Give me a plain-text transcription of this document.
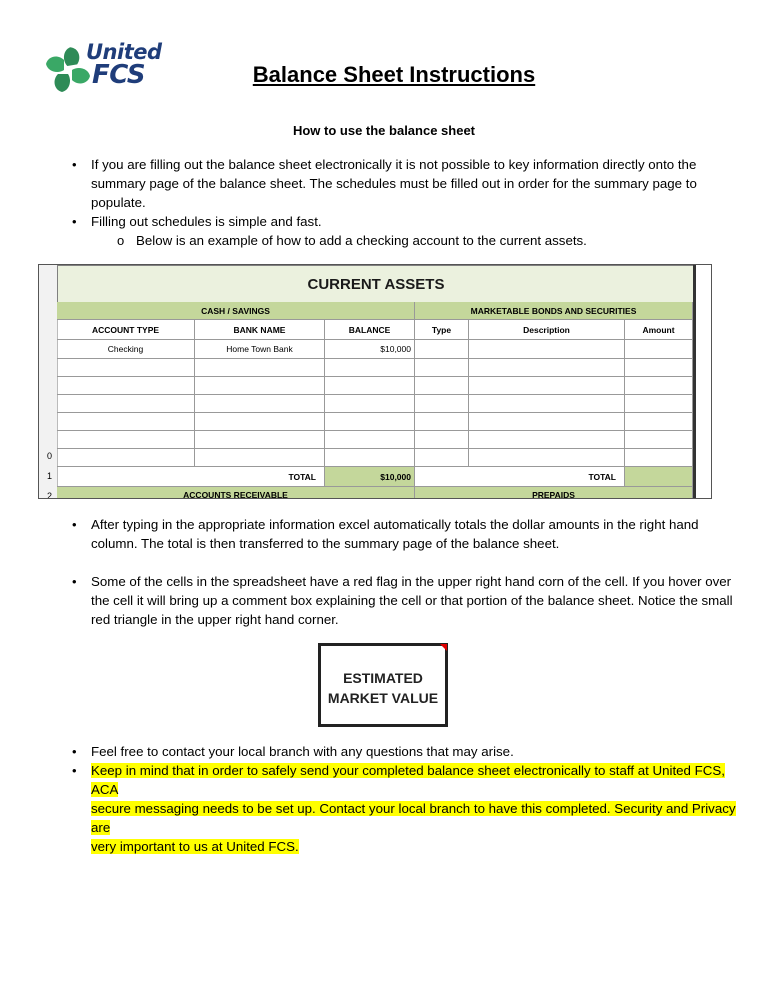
United
FCS	Balance Sheet Instructions
How to use the balance sheet
• If you are filling out the balance sheet electronically it is not possible to key information directly onto the
summary page of the balance sheet. The schedules must be filled out in order for the summary page to
populate.
• Filling out schedules is simple and fast.
o Below is an example of how to add a checking account to the current assets.
0
1
2
CURRENT ASSETS
CASH / SAVINGS	MARKETABLE BONDS AND SECURITIES
ACCOUNT TYPE	BANK NAME	BALANCE	Type	Description	Amount
Checking	Home Town Bank	$10,000
TOTAL	$10,000	TOTAL
ACCOUNTS RECEIVABLE	PREPAIDS
• After typing in the appropriate information excel automatically totals the dollar amounts in the right hand
column. The total is then transferred to the summary page of the balance sheet.
• Some of the cells in the spreadsheet have a red flag in the upper right hand corn of the cell. If you hover over
the cell it will bring up a comment box explaining the cell or that portion of the balance sheet. Notice the small
red triangle in the upper right hand corner.
ESTIMATED
MARKET VALUE
• Feel free to contact your local branch with any questions that may arise.
• Keep in mind that in order to safely send your completed balance sheet electronically to staff at United FCS, ACA
secure messaging needs to be set up. Contact your local branch to have this completed. Security and Privacy are
very important to us at United FCS.
